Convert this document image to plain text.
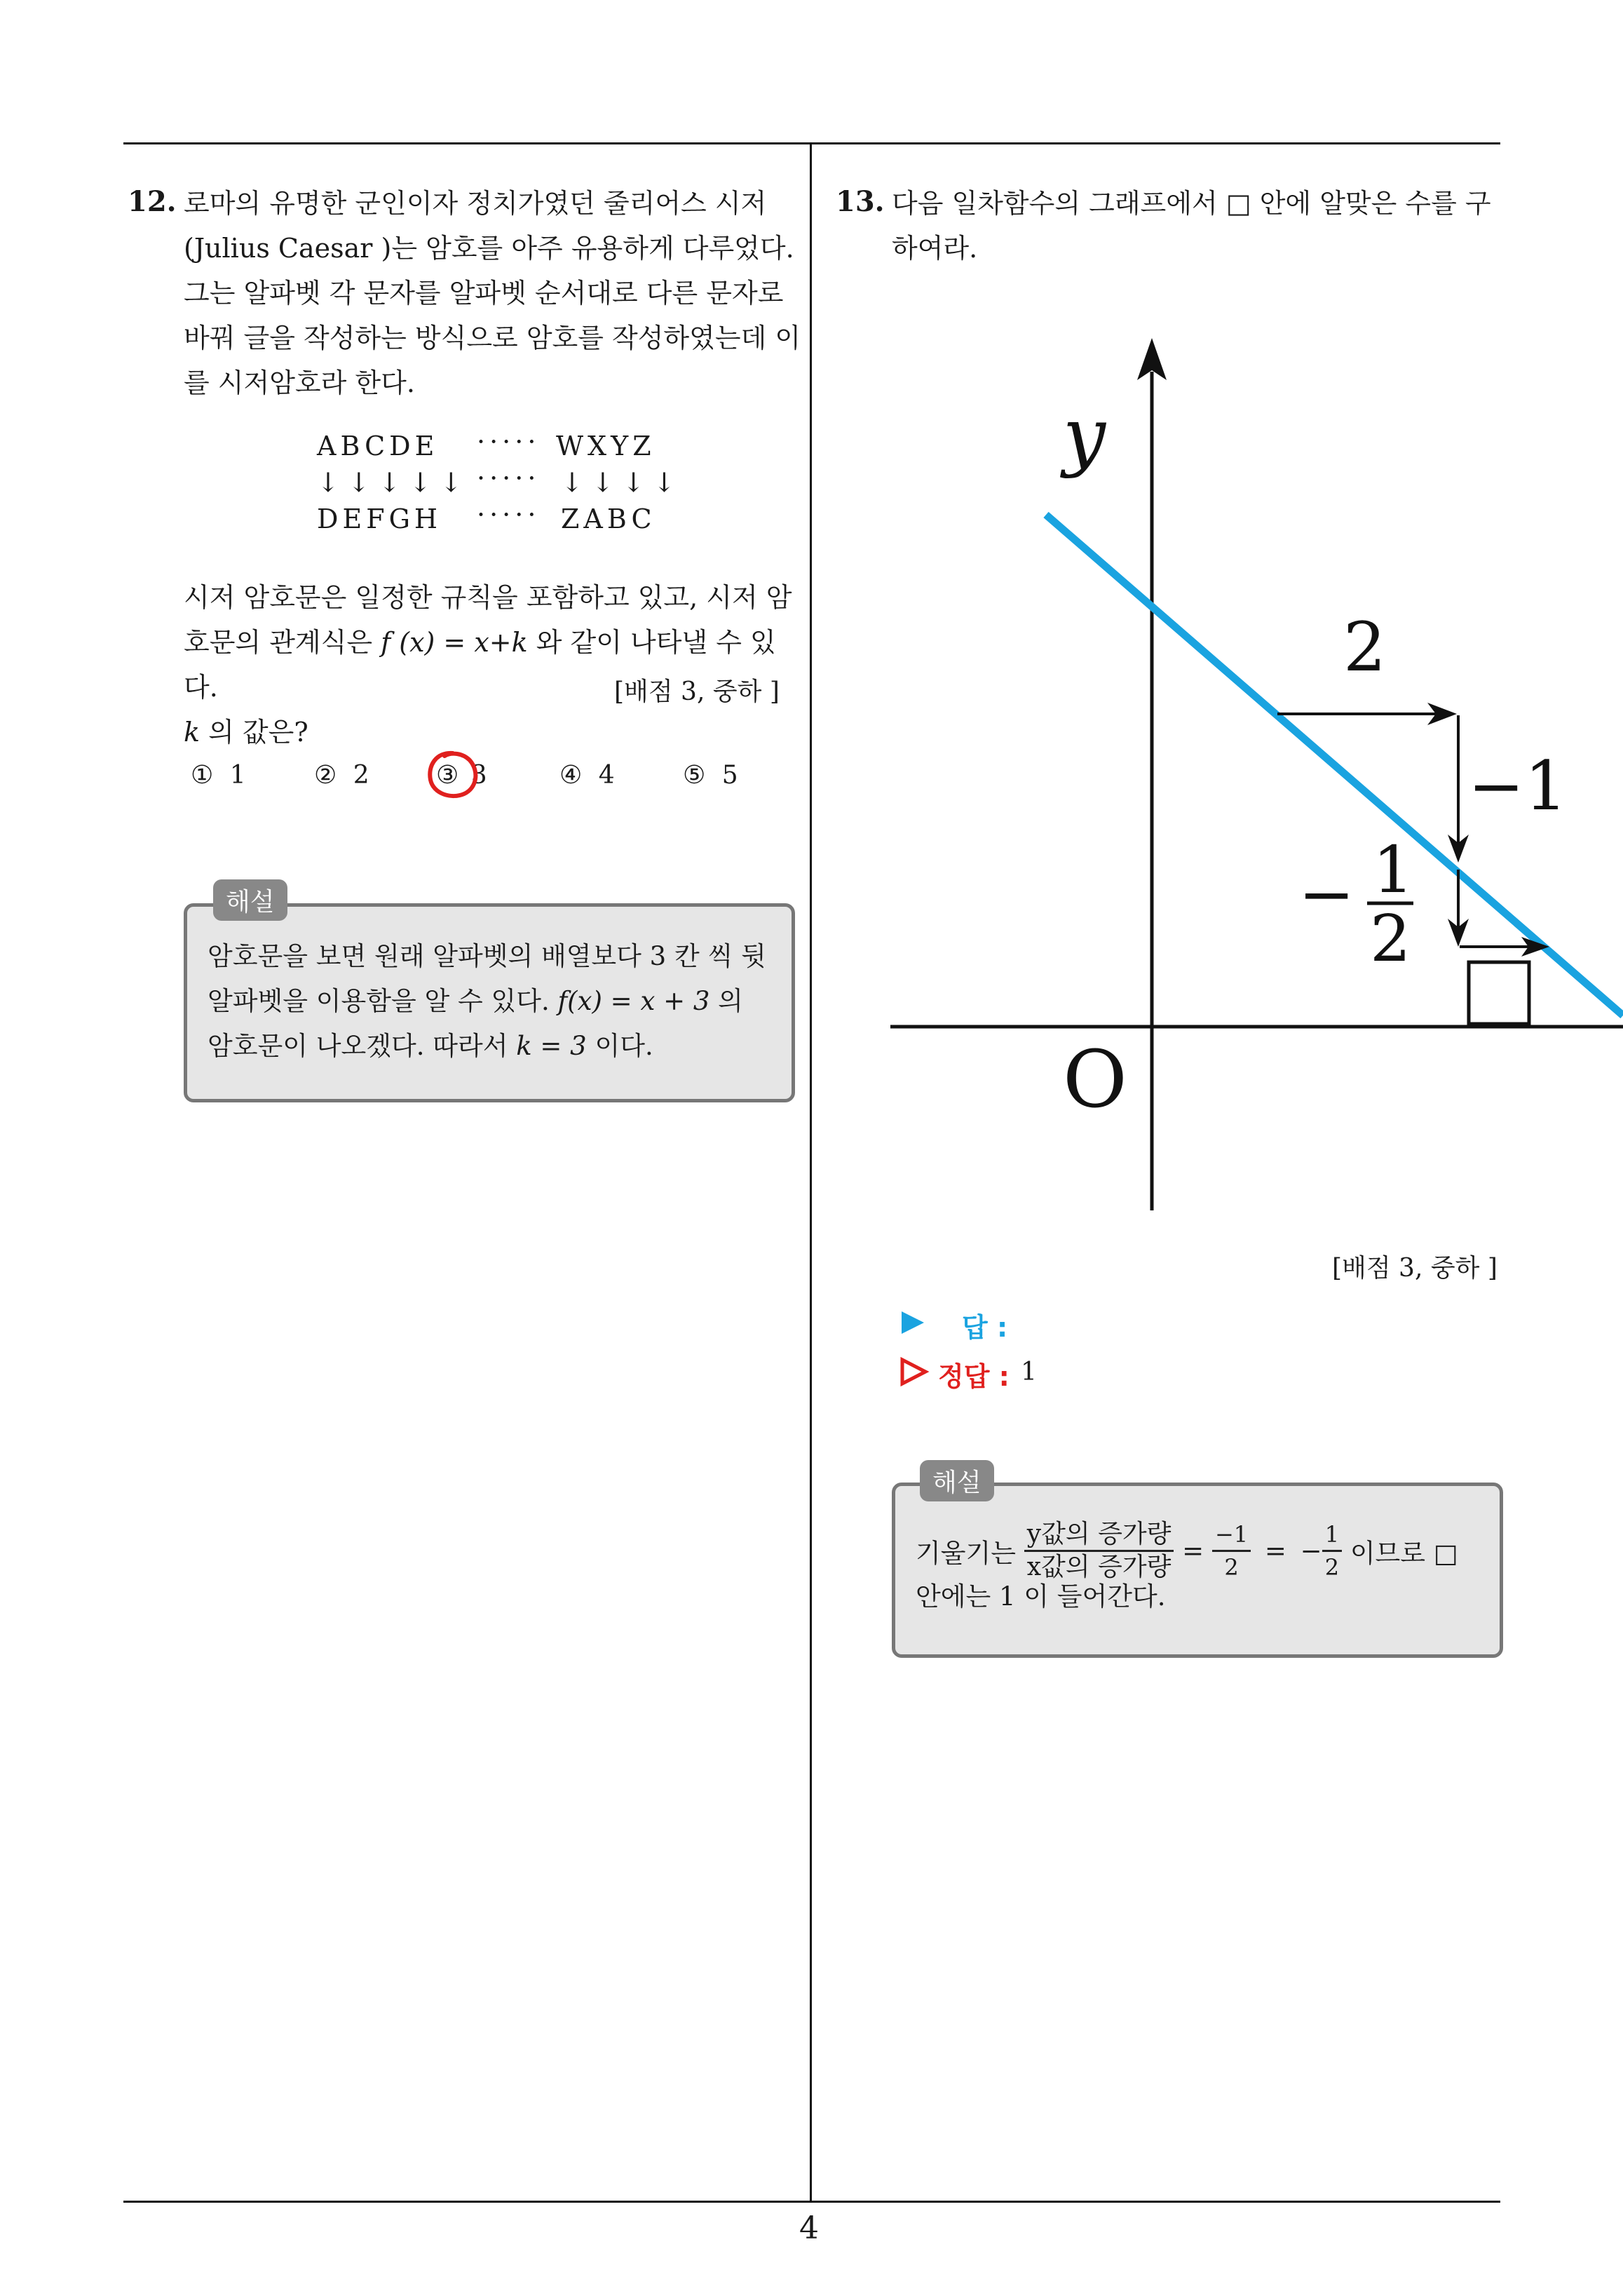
12. 로마의 유명한 군인이자 정치가였던 줄리어스 시저
(Julius Caesar )는 암호를 아주 유용하게 다루었다.
그는 알파벳 각 문자를 알파벳 순서대로 다른 문자로
바꿔 글을 작성하는 방식으로 암호를 작성하였는데 이
를 시저암호라 한다.
ABCDE ····· WXYZ
↓↓↓↓↓ ····· ↓↓↓↓
DEFGH ····· ZABC
시저 암호문은 일정한 규칙을 포함하고 있고, 시저 암
호문의 관계식은 f (x) = x+k 와 같이 나타낼 수 있다.
k 의 값은?
[배점 3, 중하 ]
① 1	② 2	③ 3	④ 4	⑤ 5
해설
암호문을 보면 원래 알파벳의 배열보다 3 칸 씩 뒷
알파벳을 이용함을 알 수 있다. f(x) = x + 3 의
암호문이 나오겠다. 따라서 k = 3 이다.
13. 다음 일차함수의 그래프에서 □ 안에 알맞은 수를 구
하여라.
y
O
2
−1
− 1
2
[배점 3, 중하 ]
답 :
정답 : 1
해설
기울기는 $\frac{\text{y값의 증가량}}{\text{x값의 증가량}} = \frac{-1}{2}$ = − $\frac{1}{2}$ 이므로 □
안에는 1 이 들어간다.
4
